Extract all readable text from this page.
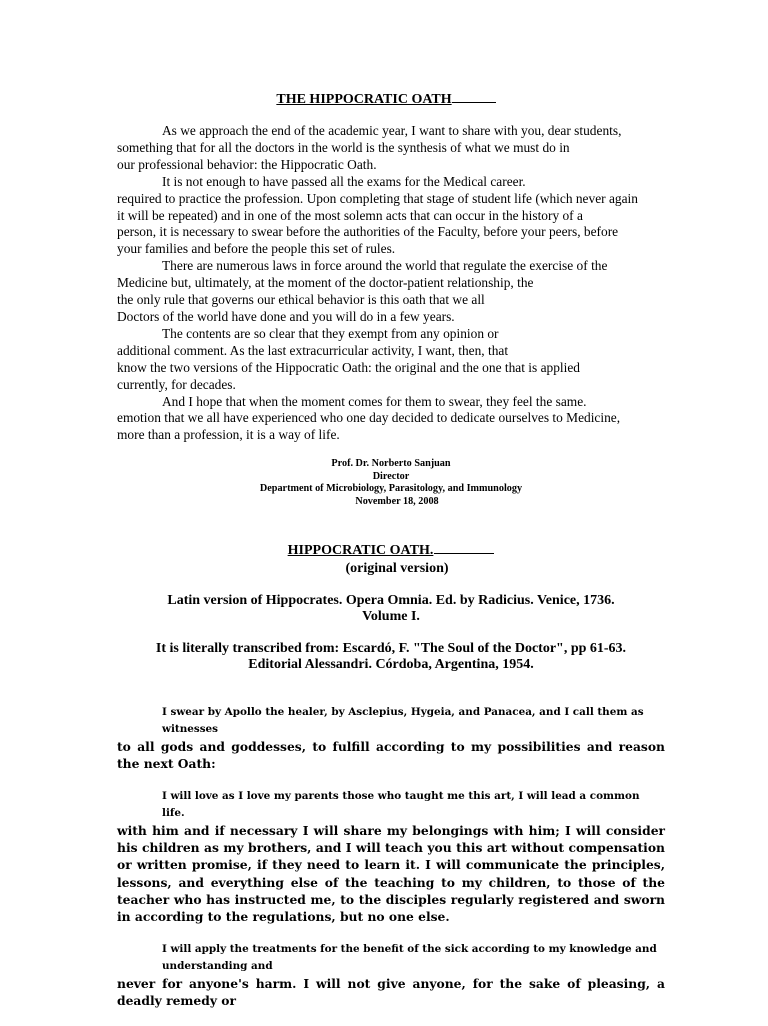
THE HIPPOCRATIC OATH

As we approach the end of the academic year, I want to share with you, dear students,
something that for all the doctors in the world is the synthesis of what we must do in
our professional behavior: the Hippocratic Oath.

It is not enough to have passed all the exams for the Medical career.
required to practice the profession. Upon completing that stage of student life (which never again
it will be repeated) and in one of the most solemn acts that can occur in the history of a
person, it is necessary to swear before the authorities of the Faculty, before your peers, before
your families and before the people this set of rules.

There are numerous laws in force around the world that regulate the exercise of the
Medicine but, ultimately, at the moment of the doctor-patient relationship, the
the only rule that governs our ethical behavior is this oath that we all
Doctors of the world have done and you will do in a few years.

The contents are so clear that they exempt from any opinion or
additional comment. As the last extracurricular activity, I want, then, that
know the two versions of the Hippocratic Oath: the original and the one that is applied
currently, for decades.

And I hope that when the moment comes for them to swear, they feel the same.
emotion that we all have experienced who one day decided to dedicate ourselves to Medicine,
more than a profession, it is a way of life.

Prof. Dr. Norberto Sanjuan
Director
Department of Microbiology, Parasitology, and Immunology
November 18, 2008
HIPPOCRATIC OATH.
(original version)
Latin version of Hippocrates. Opera Omnia. Ed. by Radicius. Venice, 1736.
Volume I.
It is literally transcribed from: Escardó, F. "The Soul of the Doctor", pp 61-63.
Editorial Alessandri. Córdoba, Argentina, 1954.

I swear by Apollo the healer, by Asclepius, Hygeia, and Panacea, and I call them as witnesses
to all gods and goddesses, to fulfill according to my possibilities and reason the next Oath:

I will love as I love my parents those who taught me this art, I will lead a common life.
with him and if necessary I will share my belongings with him; I will consider his children as my brothers, and I will teach you this art without compensation or written promise, if they need to learn it. I will communicate the principles, lessons, and everything else of the teaching to my children, to those of the teacher who has instructed me, to the disciples regularly registered and sworn in according to the regulations, but no one else.

I will apply the treatments for the benefit of the sick according to my knowledge and understanding and
never for anyone's harm. I will not give anyone, for the sake of pleasing, a deadly remedy or
